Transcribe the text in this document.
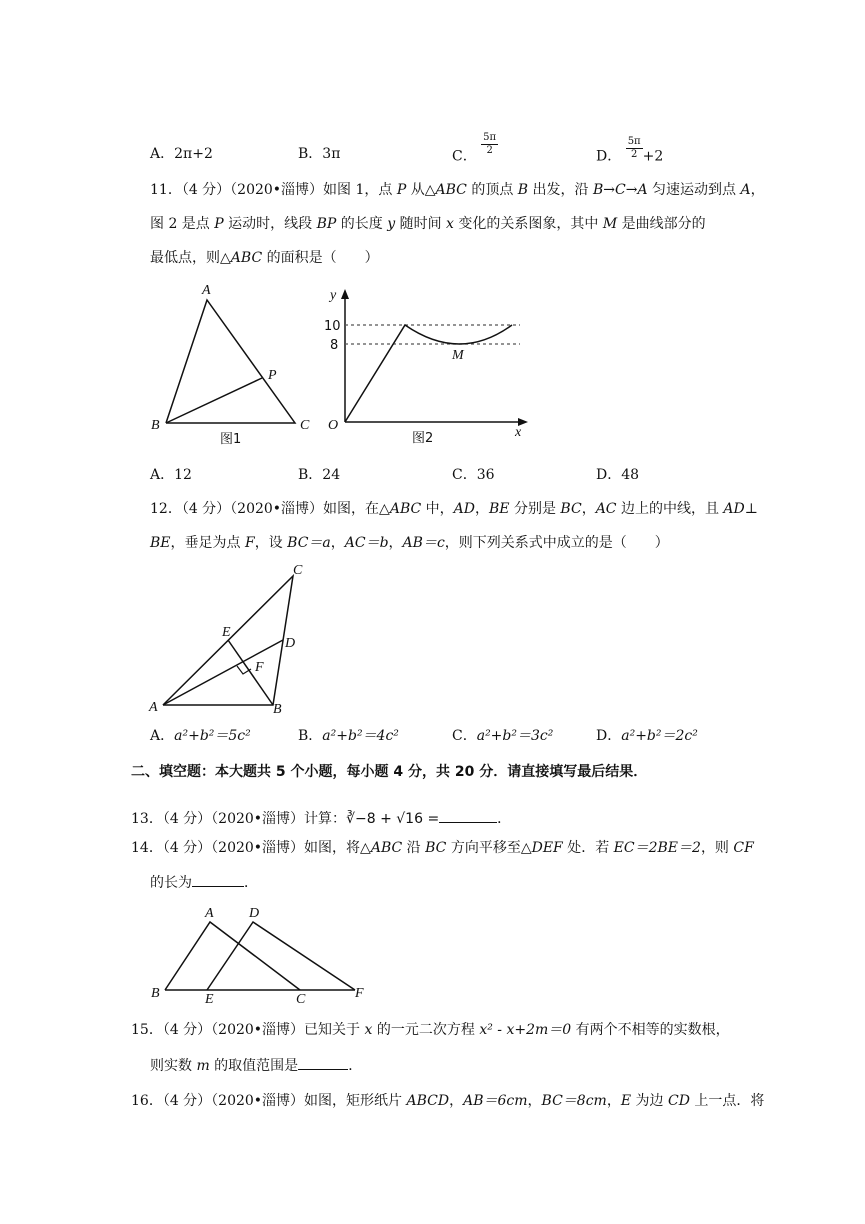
A．2π+2	B．3π	C． $\frac{5\pi}{2}$	D． $\frac{5\pi}{2} +2$
11．（4 分）（2020•淄博）如图 1，点 P 从△ABC 的顶点 B 出发，沿 B→C→A 匀速运动到点 A，
图 2 是点 P 运动时，线段 BP 的长度 y 随时间 x 变化的关系图象，其中 M 是曲线部分的
最低点，则△ABC 的面积是（　　）
A
B	C
P
图1
y
x
O
M
10
8
图2
A．12	B．24	C．36	D．48
12．（4 分）（2020•淄博）如图，在△ABC 中，AD，BE 分别是 BC，AC 边上的中线，且 AD⊥
BE，垂足为点 F，设 BC＝a，AC＝b，AB＝c，则下列关系式中成立的是（　　）
A	B
C
D
E
F
A．a²+b²＝5c²	B．a²+b²＝4c²	C．a²+b²＝3c²	D．a²+b²＝2c²
二、填空题：本大题共 5 个小题，每小题 4 分，共 20 分．请直接填写最后结果．
13．（4 分）（2020•淄博）计算：∛−8 + √16 =	．
14．（4 分）（2020•淄博）如图，将△ABC 沿 BC 方向平移至△DEF 处．若 EC＝2BE＝2，则 CF
的长为	．
A	D
B	E	C	F
15．（4 分）（2020•淄博）已知关于 x 的一元二次方程 x² - x+2m＝0 有两个不相等的实数根，
则实数 m 的取值范围是	．
16．（4 分）（2020•淄博）如图，矩形纸片 ABCD，AB＝6cm，BC＝8cm，E 为边 CD 上一点．将
